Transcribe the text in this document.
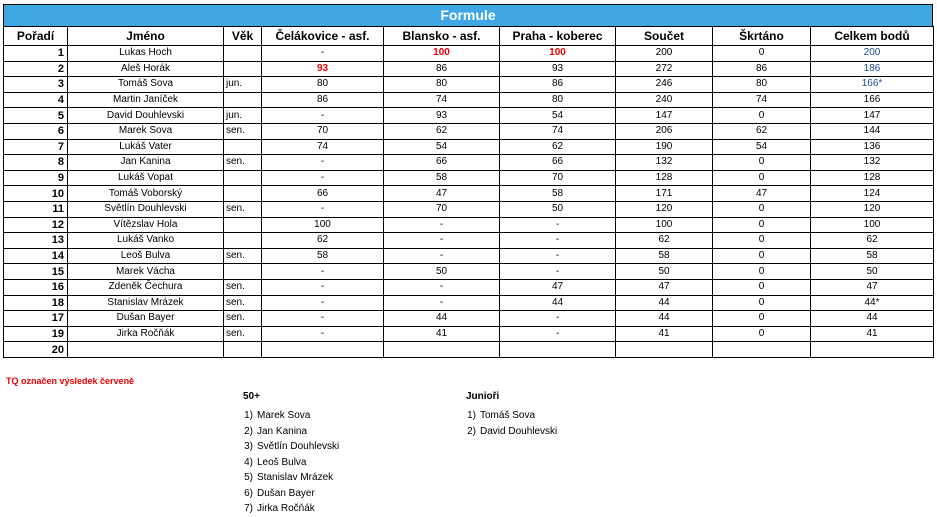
Formule
Pořadí	Jméno	Věk	Čelákovice - asf.	Blansko - asf.	Praha - koberec	Součet	Škrtáno	Celkem bodů
1	Lukas Hoch		-	100	100	200	0	200
2	Aleš Horák		93	86	93	272	86	186
3	Tomáš Sova	jun.	80	80	86	246	80	166*
4	Martin Janíček		86	74	80	240	74	166
5	David Douhlevski	jun.	-	93	54	147	0	147
6	Marek Sova	sen.	70	62	74	206	62	144
7	Lukáš Vater		74	54	62	190	54	136
8	Jan Kanina	sen.	-	66	66	132	0	132
9	Lukáš Vopat		-	58	70	128	0	128
10	Tomáš Voborský		66	47	58	171	47	124
11	Světlín Douhlevski	sen.	-	70	50	120	0	120
12	Vítězslav Hola		100	-	-	100	0	100
13	Lukáš Vanko		62	-	-	62	0	62
14	Leoš Bulva	sen.	58	-	-	58	0	58
15	Marek Vácha		-	50	-	50	0	50
16	Zdeněk Čechura	sen.	-	-	47	47	0	47
18	Stanislav Mrázek	sen.	-	-	44	44	0	44*
17	Dušan Bayer	sen.	-	44	-	44	0	44
19	Jirka Ročňák	sen.	-	41	-	41	0	41
20								
TQ označen výsledek červeně
50+
1) Marek Sova
2) Jan Kanina
3) Světlín Douhlevski
4) Leoš Bulva
5) Stanislav Mrázek
6) Dušan Bayer
7) Jirka Ročňák
Junioři
1) Tomáš Sova
2) David Douhlevski
